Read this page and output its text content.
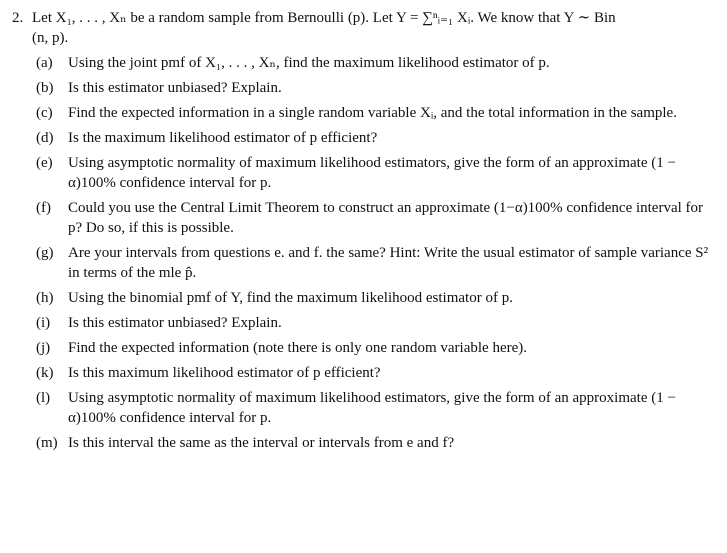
2. Let X₁, . . . , Xₙ be a random sample from Bernoulli (p). Let Y = ∑ⁿᵢ₌₁ Xᵢ. We know that Y ∼ Bin
(n, p).
(a) Using the joint pmf of X₁, . . . , Xₙ, find the maximum likelihood estimator of p.
(b) Is this estimator unbiased? Explain.
(c) Find the expected information in a single random variable Xᵢ, and the total information in the sample.
(d) Is the maximum likelihood estimator of p efficient?
(e) Using asymptotic normality of maximum likelihood estimators, give the form of an approximate (1 − α)100% confidence interval for p.
(f) Could you use the Central Limit Theorem to construct an approximate (1−α)100% confidence interval for p? Do so, if this is possible.
(g) Are your intervals from questions e. and f. the same? Hint: Write the usual estimator of sample variance S² in terms of the mle p̂.
(h) Using the binomial pmf of Y, find the maximum likelihood estimator of p.
(i) Is this estimator unbiased? Explain.
(j) Find the expected information (note there is only one random variable here).
(k) Is this maximum likelihood estimator of p efficient?
(l) Using asymptotic normality of maximum likelihood estimators, give the form of an approximate (1 − α)100% confidence interval for p.
(m) Is this interval the same as the interval or intervals from e and f?
